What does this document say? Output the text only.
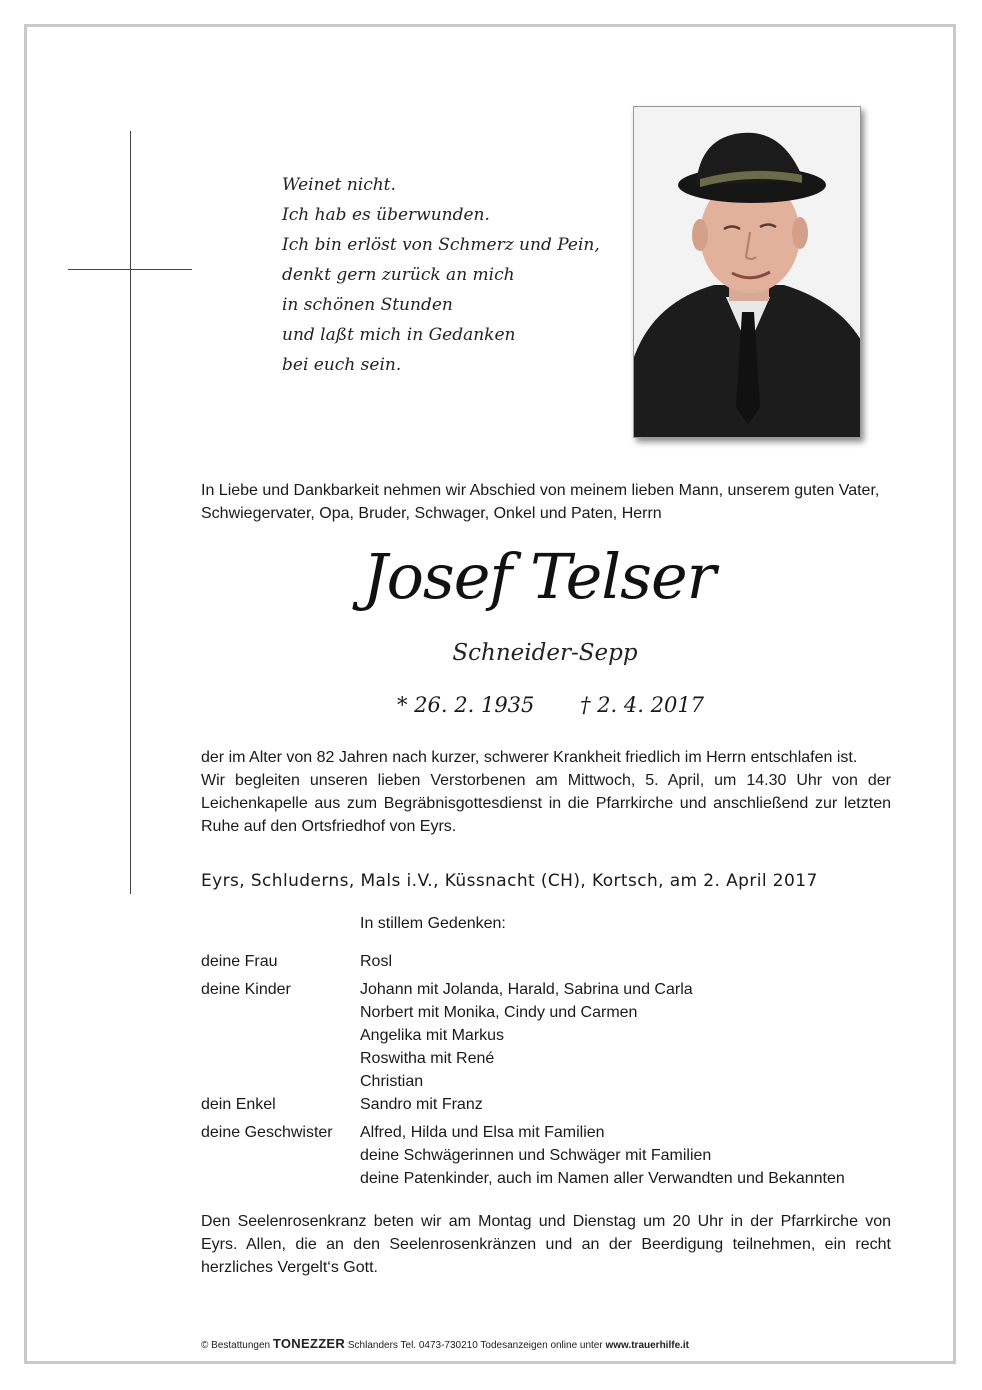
Weinet nicht.
Ich hab es überwunden.
Ich bin erlöst von Schmerz und Pein,
denkt gern zurück an mich
in schönen Stunden
und laßt mich in Gedanken
bei euch sein.
In Liebe und Dankbarkeit nehmen wir Abschied von meinem lieben Mann, unserem guten Vater, Schwiegervater, Opa, Bruder, Schwager, Onkel und Paten, Herrn
Josef Telser
Schneider-Sepp
* 26. 2. 1935 † 2. 4. 2017

der im Alter von 82 Jahren nach kurzer, schwerer Krankheit friedlich im Herrn entschlafen ist.

Wir begleiten unseren lieben Verstorbenen am Mittwoch, 5. April, um 14.30 Uhr von der Leichenkapelle aus zum Begräbnisgottesdienst in die Pfarrkirche und anschließend zur letzten Ruhe auf den Ortsfriedhof von Eyrs.

Eyrs, Schluderns, Mals i.V., Küssnacht (CH), Kortsch, am 2. April 2017
In stillem Gedenken:
deine Frau	Rosl
deine Kinder	Johann mit Jolanda, Harald, Sabrina und Carla
Norbert mit Monika, Cindy und Carmen
Angelika mit Markus
Roswitha mit René
Christian
dein Enkel	Sandro mit Franz
deine Geschwister	Alfred, Hilda und Elsa mit Familien
deine Schwägerinnen und Schwäger mit Familien
deine Patenkinder, auch im Namen aller Verwandten und Bekannten
Den Seelenrosenkranz beten wir am Montag und Dienstag um 20 Uhr in der Pfarrkirche von Eyrs. Allen, die an den Seelenrosenkränzen und an der Beerdigung teilnehmen, ein recht herzliches Vergelt‘s Gott.
© Bestattungen TONEZZER Schlanders Tel. 0473-730210 Todesanzeigen online unter www.trauerhilfe.it
